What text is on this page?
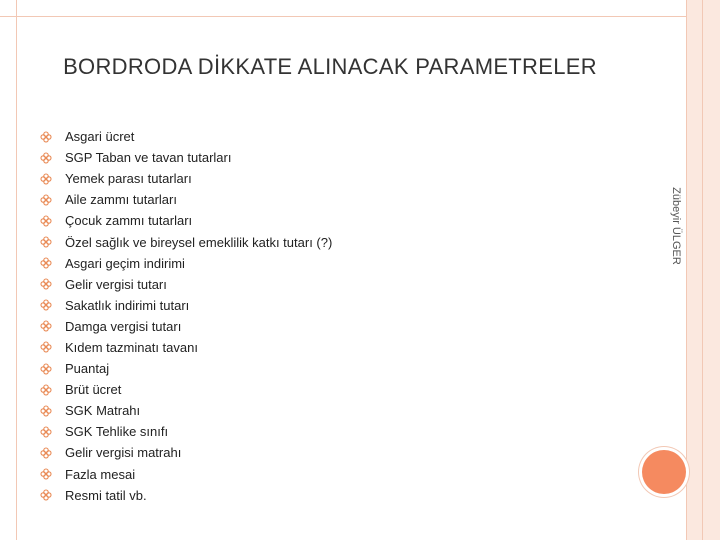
BORDRODA DİKKATE ALINACAK PARAMETRELER
Asgari ücret
SGP Taban ve tavan tutarları
Yemek parası tutarları
Aile zammı tutarları
Çocuk zammı tutarları
Özel sağlık ve bireysel emeklilik katkı tutarı (?)
Asgari geçim indirimi
Gelir vergisi tutarı
Sakatlık indirimi tutarı
Damga vergisi tutarı
Kıdem tazminatı tavanı
Puantaj
Brüt ücret
SGK Matrahı
SGK Tehlike sınıfı
Gelir vergisi matrahı
Fazla mesai
Resmi tatil vb.
Zübeyir ÜLGER
